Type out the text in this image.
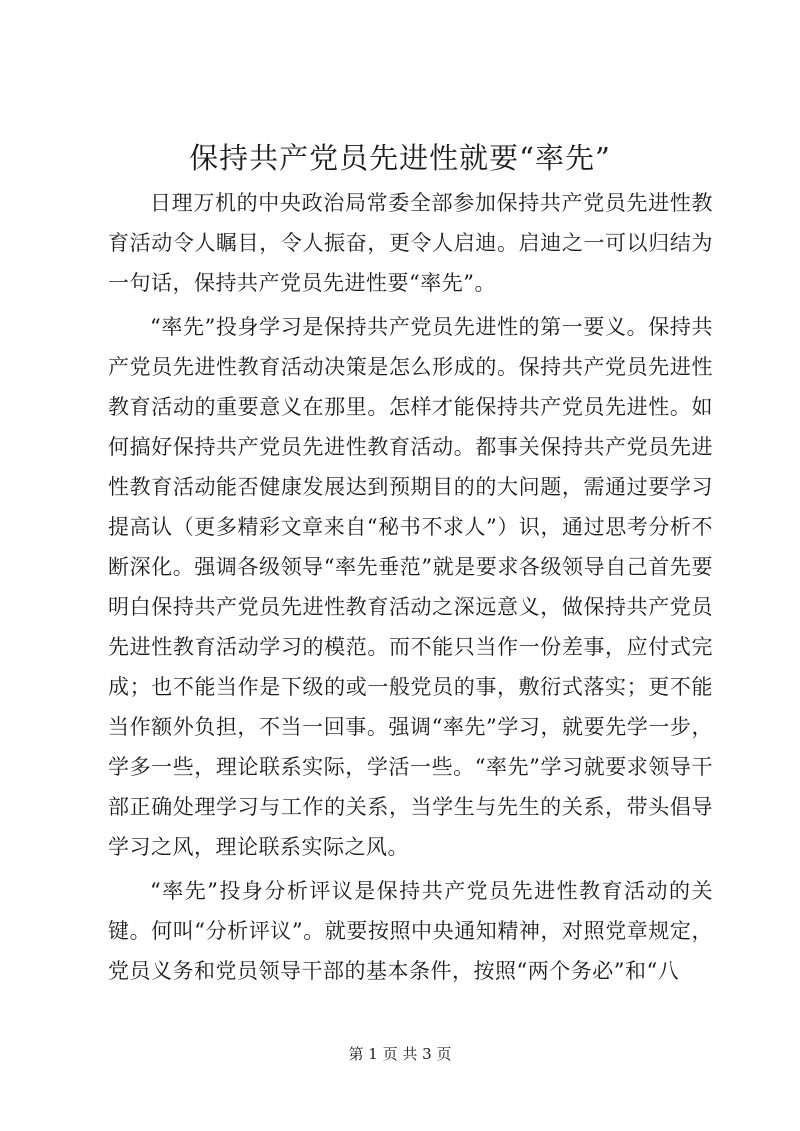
保持共产党员先进性就要“率先”

日理万机的中央政治局常委全部参加保持共产党员先进性教育活动令人瞩目，令人振奋，更令人启迪。启迪之一可以归结为一句话，保持共产党员先进性要“率先”。

“率先”投身学习是保持共产党员先进性的第一要义。保持共产党员先进性教育活动决策是怎么形成的。保持共产党员先进性教育活动的重要意义在那里。怎样才能保持共产党员先进性。如何搞好保持共产党员先进性教育活动。都事关保持共产党员先进性教育活动能否健康发展达到预期目的的大问题，需通过要学习提高认（更多精彩文章来自“秘书不求人”）识，通过思考分析不断深化。强调各级领导“率先垂范”就是要求各级领导自己首先要明白保持共产党员先进性教育活动之深远意义，做保持共产党员先进性教育活动学习的模范。而不能只当作一份差事，应付式完成；也不能当作是下级的或一般党员的事，敷衍式落实；更不能当作额外负担，不当一回事。强调“率先”学习，就要先学一步，学多一些，理论联系实际，学活一些。“率先”学习就要求领导干部正确处理学习与工作的关系，当学生与先生的关系，带头倡导学习之风，理论联系实际之风。

“率先”投身分析评议是保持共产党员先进性教育活动的关键。何叫“分析评议”。就要按照中央通知精神，对照党章规定，党员义务和党员领导干部的基本条件，按照“两个务必”和“八

第 1 页 共 3 页
